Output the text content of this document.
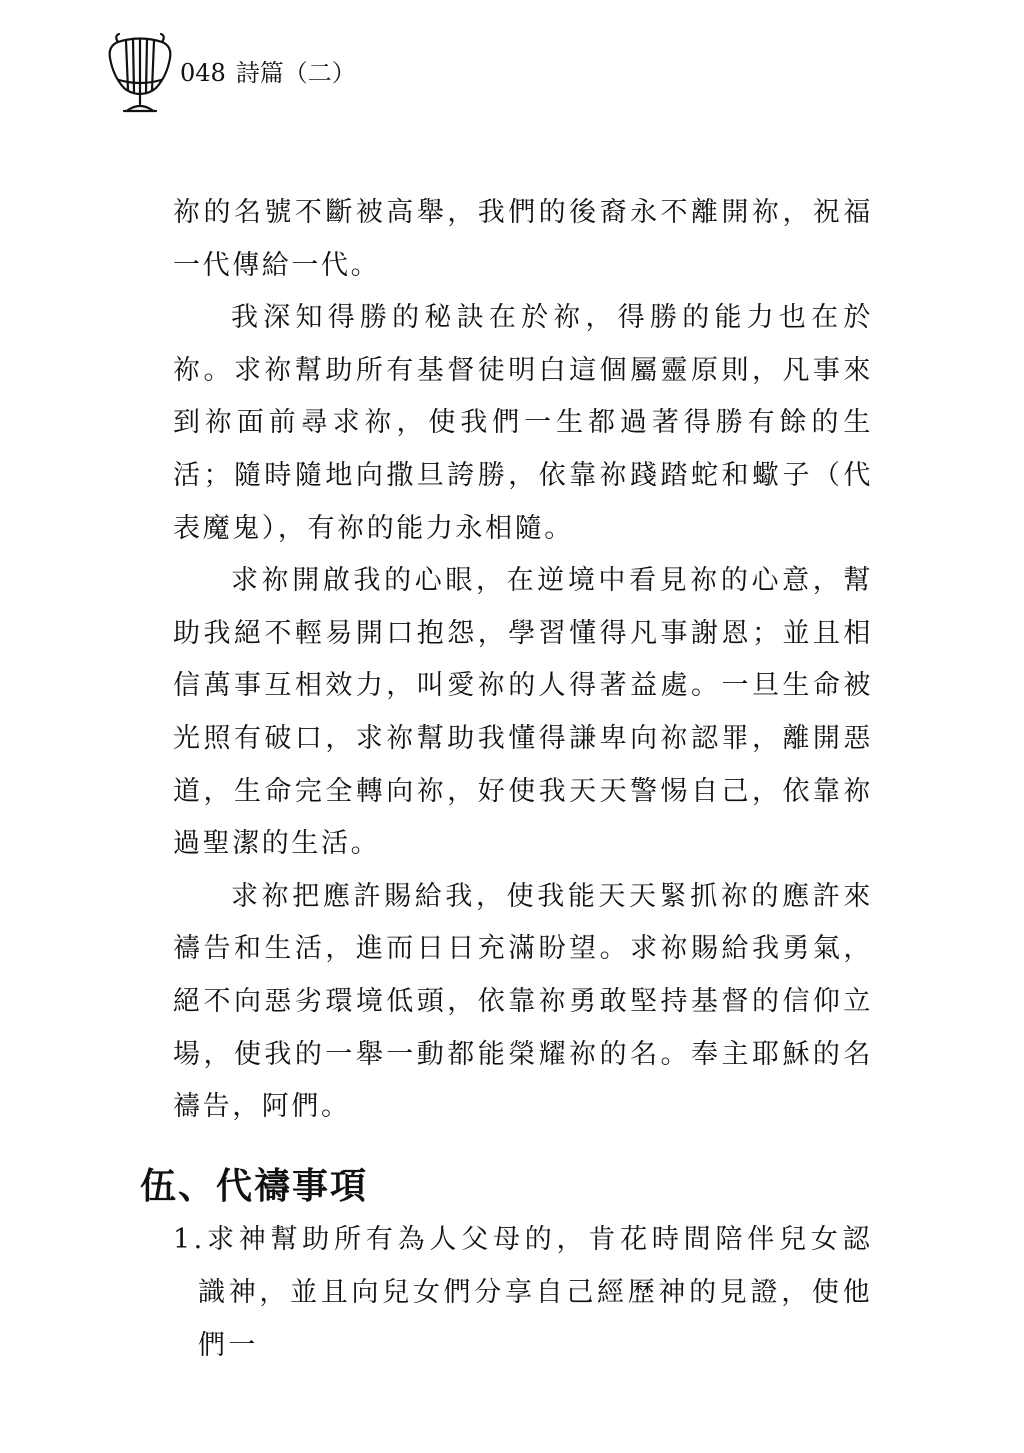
048 詩篇（二）

祢的名號不斷被高舉，我們的後裔永不離開祢，祝福一代傳給一代。

我深知得勝的秘訣在於祢，得勝的能力也在於祢。求祢幫助所有基督徒明白這個屬靈原則，凡事來到祢面前尋求祢，使我們一生都過著得勝有餘的生活；隨時隨地向撒旦誇勝，依靠祢踐踏蛇和蠍子（代表魔鬼），有祢的能力永相隨。

求祢開啟我的心眼，在逆境中看見祢的心意，幫助我絕不輕易開口抱怨，學習懂得凡事謝恩；並且相信萬事互相效力，叫愛祢的人得著益處。一旦生命被光照有破口，求祢幫助我懂得謙卑向祢認罪，離開惡道，生命完全轉向祢，好使我天天警惕自己，依靠祢過聖潔的生活。

求祢把應許賜給我，使我能天天緊抓祢的應許來禱告和生活，進而日日充滿盼望。求祢賜給我勇氣，絕不向惡劣環境低頭，依靠祢勇敢堅持基督的信仰立場，使我的一舉一動都能榮耀祢的名。奉主耶穌的名禱告，阿們。

伍、代禱事項
1.求神幫助所有為人父母的，肯花時間陪伴兒女認識神，並且向兒女們分享自己經歷神的見證，使他們一
